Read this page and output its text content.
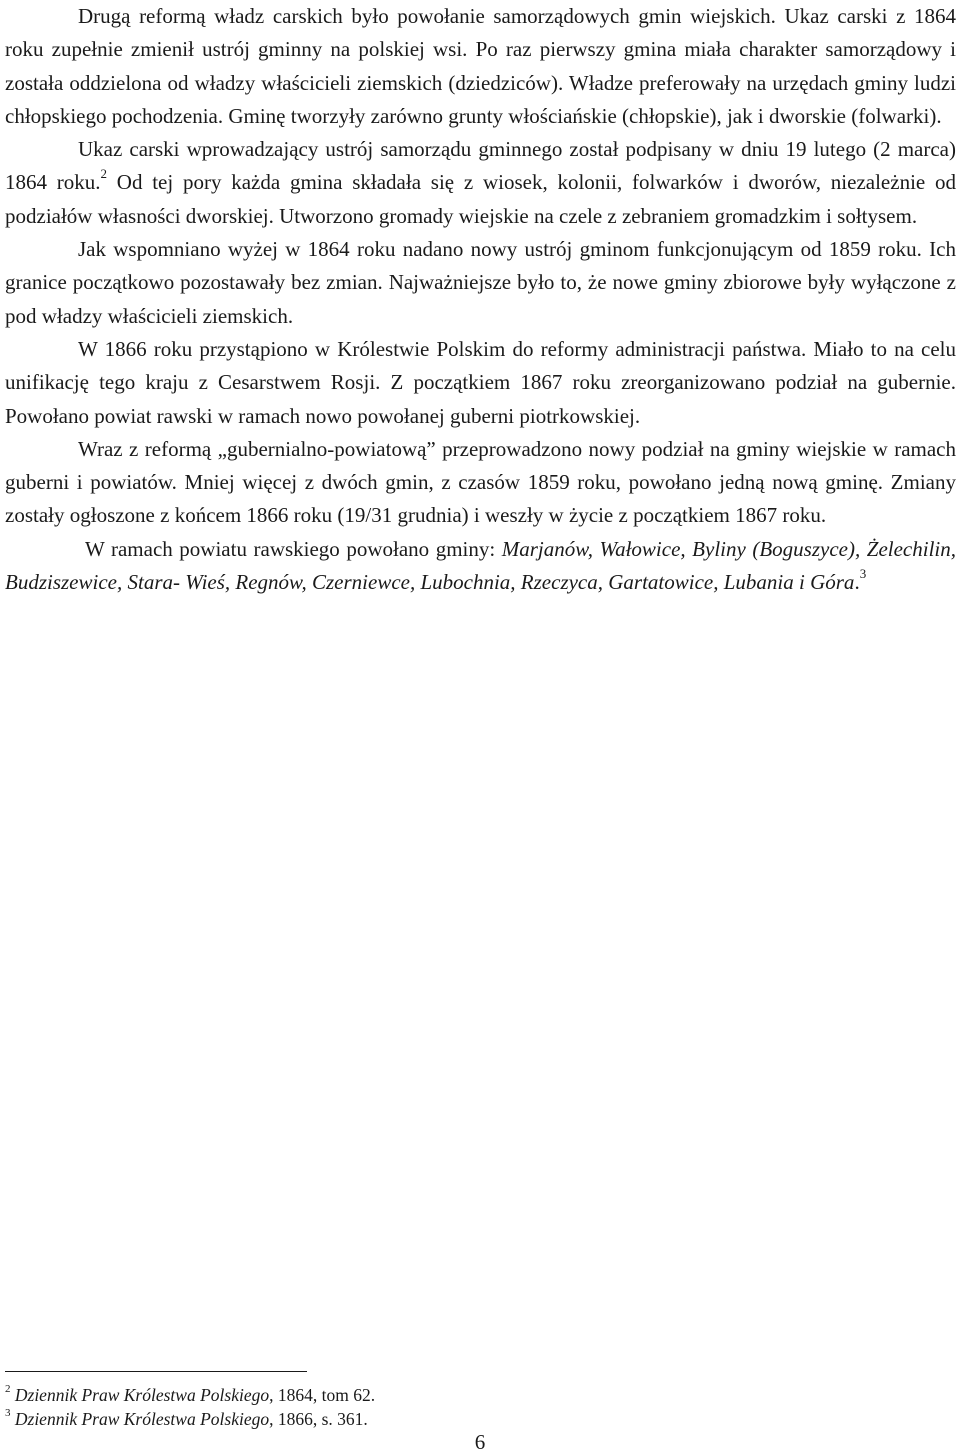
Drugą reformą władz carskich było powołanie samorządowych gmin wiejskich. Ukaz carski z 1864 roku zupełnie zmienił ustrój gminny na polskiej wsi. Po raz pierwszy gmina miała charakter samorządowy i została oddzielona od władzy właścicieli ziemskich (dziedziców). Władze preferowały na urzędach gminy ludzi chłopskiego pochodzenia. Gminę tworzyły zarówno grunty włościańskie (chłopskie), jak i dworskie (folwarki).

Ukaz carski wprowadzający ustrój samorządu gminnego został podpisany w dniu 19 lutego (2 marca) 1864 roku.$^2$ Od tej pory każda gmina składała się z wiosek, kolonii, folwarków i dworów, niezależnie od podziałów własności dworskiej. Utworzono gromady wiejskie na czele z zebraniem gromadzkim i sołtysem.

Jak wspomniano wyżej w 1864 roku nadano nowy ustrój gminom funkcjonującym od 1859 roku. Ich granice początkowo pozostawały bez zmian. Najważniejsze było to, że nowe gminy zbiorowe były wyłączone z pod władzy właścicieli ziemskich.

W 1866 roku przystąpiono w Królestwie Polskim do reformy administracji państwa. Miało to na celu unifikację tego kraju z Cesarstwem Rosji. Z początkiem 1867 roku zreorganizowano podział na gubernie. Powołano powiat rawski w ramach nowo powołanej guberni piotrkowskiej.

Wraz z reformą „gubernialno-powiatową” przeprowadzono nowy podział na gminy wiejskie w ramach guberni i powiatów. Mniej więcej z dwóch gmin, z czasów 1859 roku, powołano jedną nową gminę. Zmiany zostały ogłoszone z końcem 1866 roku (19/31 grudnia) i weszły w życie z początkiem 1867 roku.

W ramach powiatu rawskiego powołano gminy: Marjanów, Wałowice, Byliny (Boguszyce), Żelechilin, Budziszewice, Stara- Wieś, Regnów, Czerniewce, Lubochnia, Rzeczyca, Gartatowice, Lubania i Góra.$^3$

$^2$ Dziennik Praw Królestwa Polskiego, 1864, tom 62.

$^3$ Dziennik Praw Królestwa Polskiego, 1866, s. 361.

6
